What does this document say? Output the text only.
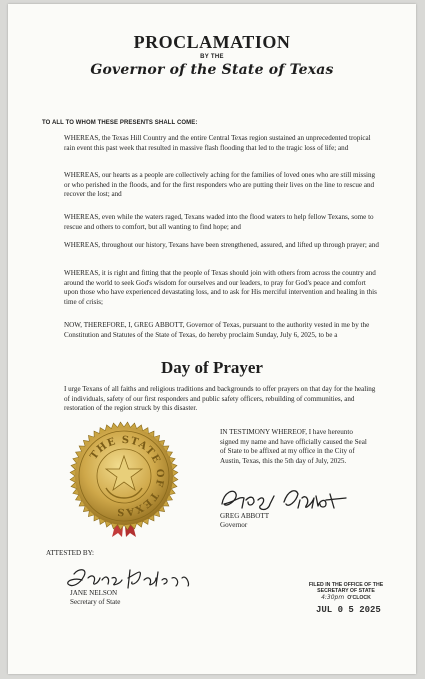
PROCLAMATION
BY THE
Governor of the State of Texas
TO ALL TO WHOM THESE PRESENTS SHALL COME:

WHEREAS, the Texas Hill Country and the entire Central Texas region sustained an unprecedented tropical rain event this past week that resulted in massive flash flooding that led to the tragic loss of life; and

WHEREAS, our hearts as a people are collectively aching for the families of loved ones who are still missing or who perished in the floods, and for the first responders who are putting their lives on the line to rescue and recover the lost; and

WHEREAS, even while the waters raged, Texans waded into the flood waters to help fellow Texans, some to rescue and others to comfort, but all wanting to find hope; and

WHEREAS, throughout our history, Texans have been strengthened, assured, and lifted up through prayer; and

WHEREAS, it is right and fitting that the people of Texas should join with others from across the country and around the world to seek God's wisdom for ourselves and our leaders, to pray for God's peace and comfort upon those who have experienced devastating loss, and to ask for His merciful intervention and healing in this time of crisis;

NOW, THEREFORE, I, GREG ABBOTT, Governor of Texas, pursuant to the authority vested in me by the Constitution and Statutes of the State of Texas, do hereby proclaim Sunday, July 6, 2025, to be a

Day of Prayer

I urge Texans of all faiths and religious traditions and backgrounds to offer prayers on that day for the healing of individuals, safety of our first responders and public safety officers, rebuilding of communities, and restoration of the region struck by this disaster.

THE STATE OF TEXAS

IN TESTIMONY WHEREOF, I have hereunto signed my name and have officially caused the Seal of State to be affixed at my office in the City of Austin, Texas, this the 5th day of July, 2025.

GREG ABBOTT
Governor
ATTESTED BY:
JANE NELSON
Secretary of State
FILED IN THE OFFICE OF THE
SECRETARY OF STATE
4:30pm O'CLOCK
JUL 0 5 2025
